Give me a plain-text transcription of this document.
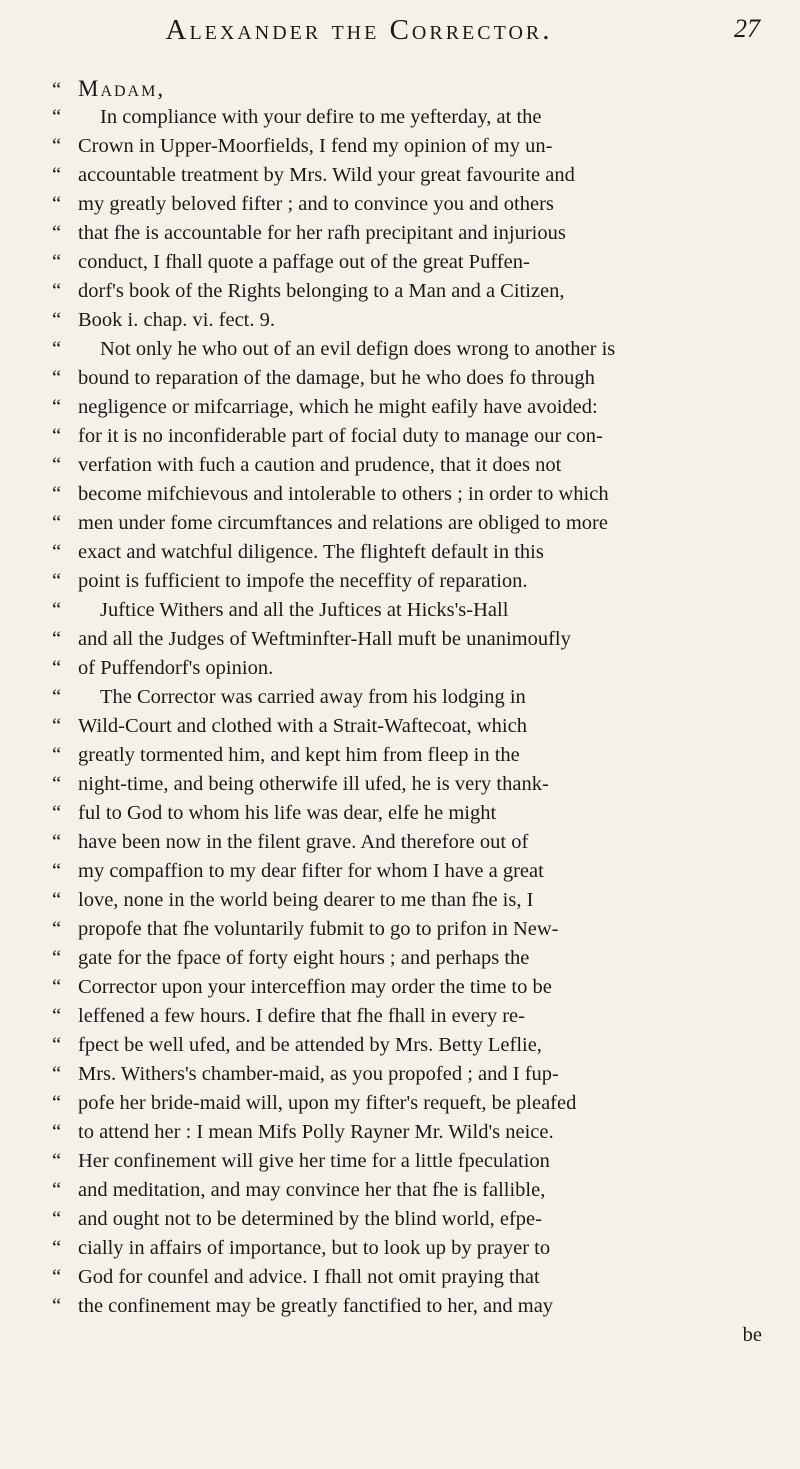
Alexander the Corrector.	27
“ Madam,
“ In compliance with your defire to me yefterday, at the
“ Crown in Upper-Moorfields, I fend my opinion of my un-
“ accountable treatment by Mrs. Wild your great favourite and
“ my greatly beloved fifter ; and to convince you and others
“ that fhe is accountable for her rafh precipitant and injurious
“ conduct, I fhall quote a paffage out of the great Puffen-
“ dorf's book of the Rights belonging to a Man and a Citizen,
“ Book i. chap. vi. fect. 9.
“ Not only he who out of an evil defign does wrong to another is
“ bound to reparation of the damage, but he who does fo through
“ negligence or mifcarriage, which he might eafily have avoided:
“ for it is no inconfiderable part of focial duty to manage our con-
“ verfation with fuch a caution and prudence, that it does not
“ become mifchievous and intolerable to others ; in order to which
“ men under fome circumftances and relations are obliged to more
“ exact and watchful diligence. The flighteft default in this
“ point is fufficient to impofe the neceffity of reparation.
“ Juftice Withers and all the Juftices at Hicks's-Hall
“ and all the Judges of Weftminfter-Hall muft be unanimoufly
“ of Puffendorf's opinion.
“ The Corrector was carried away from his lodging in
“ Wild-Court and clothed with a Strait-Waftecoat, which
“ greatly tormented him, and kept him from fleep in the
“ night-time, and being otherwife ill ufed, he is very thank-
“ ful to God to whom his life was dear, elfe he might
“ have been now in the filent grave. And therefore out of
“ my compaffion to my dear fifter for whom I have a great
“ love, none in the world being dearer to me than fhe is, I
“ propofe that fhe voluntarily fubmit to go to prifon in New-
“ gate for the fpace of forty eight hours ; and perhaps the
“ Corrector upon your interceffion may order the time to be
“ leffened a few hours. I defire that fhe fhall in every re-
“ fpect be well ufed, and be attended by Mrs. Betty Leflie,
“ Mrs. Withers's chamber-maid, as you propofed ; and I fup-
“ pofe her bride-maid will, upon my fifter's requeft, be pleafed
“ to attend her : I mean Mifs Polly Rayner Mr. Wild's neice.
“ Her confinement will give her time for a little fpeculation
“ and meditation, and may convince her that fhe is fallible,
“ and ought not to be determined by the blind world, efpe-
“ cially in affairs of importance, but to look up by prayer to
“ God for counfel and advice. I fhall not omit praying that
“ the confinement may be greatly fanctified to her, and may
be
